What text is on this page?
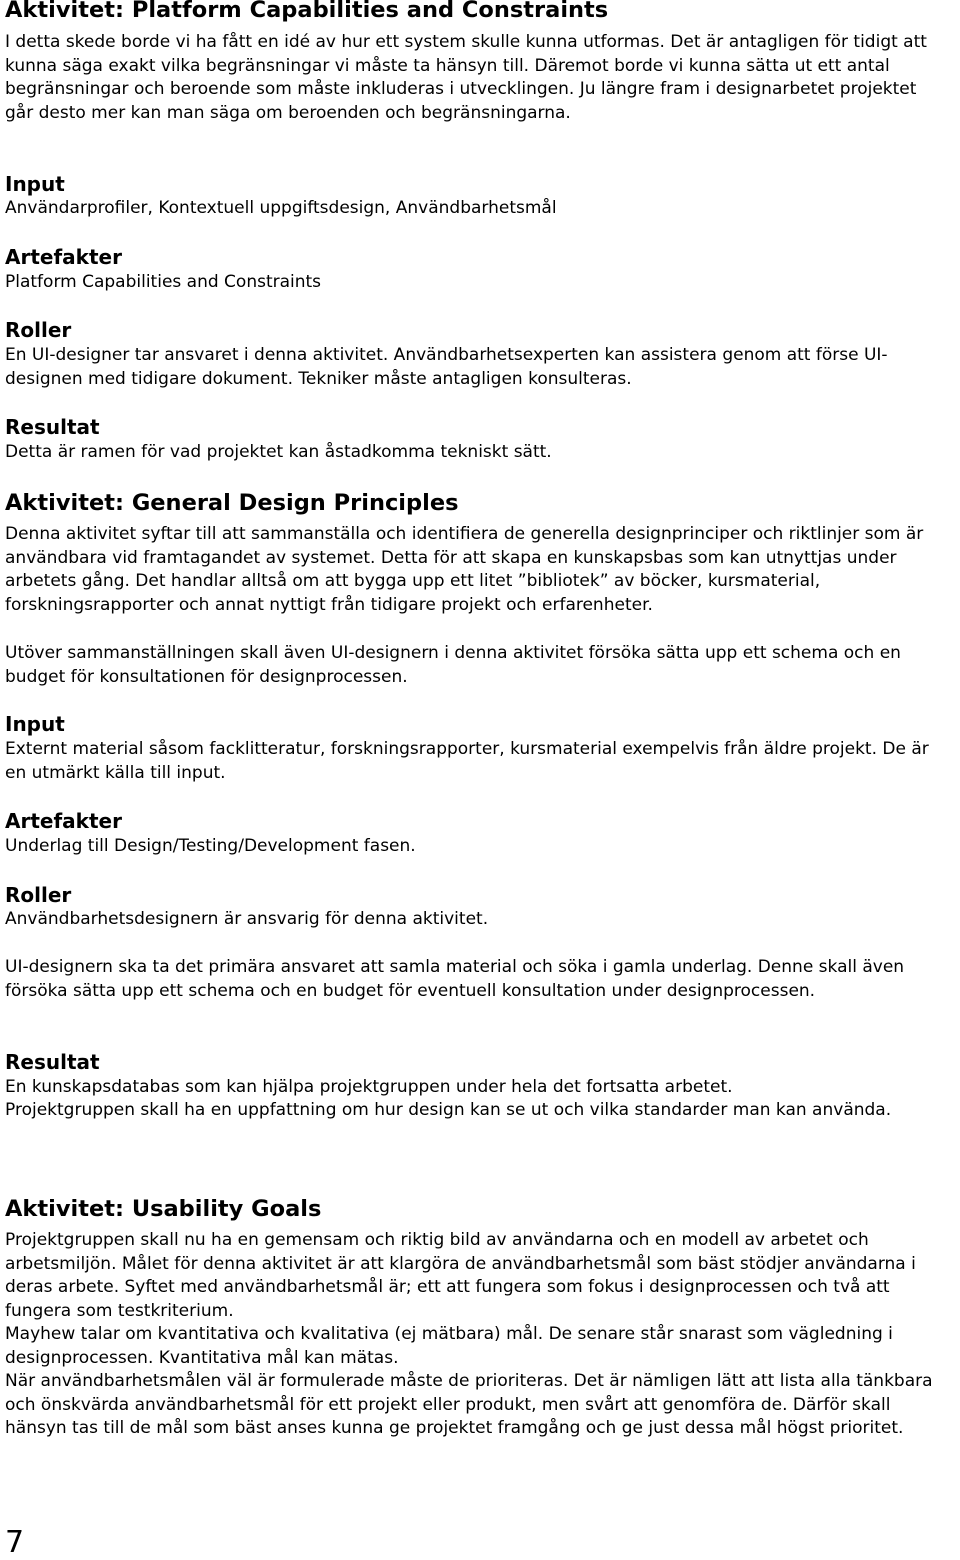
Aktivitet: Platform Capabilities and Constraints

I detta skede borde vi ha fått en idé av hur ett system skulle kunna utformas. Det är antagligen för tidigt att kunna säga exakt vilka begränsningar vi måste ta hänsyn till. Däremot borde vi kunna sätta ut ett antal begränsningar och beroende som måste inkluderas i utvecklingen. Ju längre fram i designarbetet projektet går desto mer kan man säga om beroenden och begränsningarna.

Input

Användarprofiler, Kontextuell uppgiftsdesign, Användbarhetsmål

Artefakter

Platform Capabilities and Constraints

Roller

En UI-designer tar ansvaret i denna aktivitet. Användbarhetsexperten kan assistera genom att förse UI-designen med tidigare dokument. Tekniker måste antagligen konsulteras.

Resultat

Detta är ramen för vad projektet kan åstadkomma tekniskt sätt.

Aktivitet: General Design Principles

Denna aktivitet syftar till att sammanställa och identifiera de generella designprinciper och riktlinjer som är användbara vid framtagandet av systemet. Detta för att skapa en kunskapsbas som kan utnyttjas under arbetets gång. Det handlar alltså om att bygga upp ett litet ”bibliotek” av böcker, kursmaterial, forskningsrapporter och annat nyttigt från tidigare projekt och erfarenheter.

Utöver sammanställningen skall även UI-designern i denna aktivitet försöka sätta upp ett schema och en budget för konsultationen för designprocessen.

Input

Externt material såsom facklitteratur, forskningsrapporter, kursmaterial exempelvis från äldre projekt. De är en utmärkt källa till input.

Artefakter

Underlag till Design/Testing/Development fasen.

Roller

Användbarhetsdesignern är ansvarig för denna aktivitet.

UI-designern ska ta det primära ansvaret att samla material och söka i gamla underlag. Denne skall även försöka sätta upp ett schema och en budget för eventuell konsultation under designprocessen.

Resultat

En kunskapsdatabas som kan hjälpa projektgruppen under hela det fortsatta arbetet.

Projektgruppen skall ha en uppfattning om hur design kan se ut och vilka standarder man kan använda.

Aktivitet: Usability Goals

Projektgruppen skall nu ha en gemensam och riktig bild av användarna och en modell av arbetet och arbetsmiljön. Målet för denna aktivitet är att klargöra de användbarhetsmål som bäst stödjer användarna i deras arbete. Syftet med användbarhetsmål är; ett att fungera som fokus i designprocessen och två att fungera som testkriterium.

Mayhew talar om kvantitativa och kvalitativa (ej mätbara) mål. De senare står snarast som vägledning i designprocessen. Kvantitativa mål kan mätas.

När användbarhetsmålen väl är formulerade måste de prioriteras. Det är nämligen lätt att lista alla tänkbara och önskvärda användbarhetsmål för ett projekt eller produkt, men svårt att genomföra de. Därför skall hänsyn tas till de mål som bäst anses kunna ge projektet framgång och ge just dessa mål högst prioritet.

7
